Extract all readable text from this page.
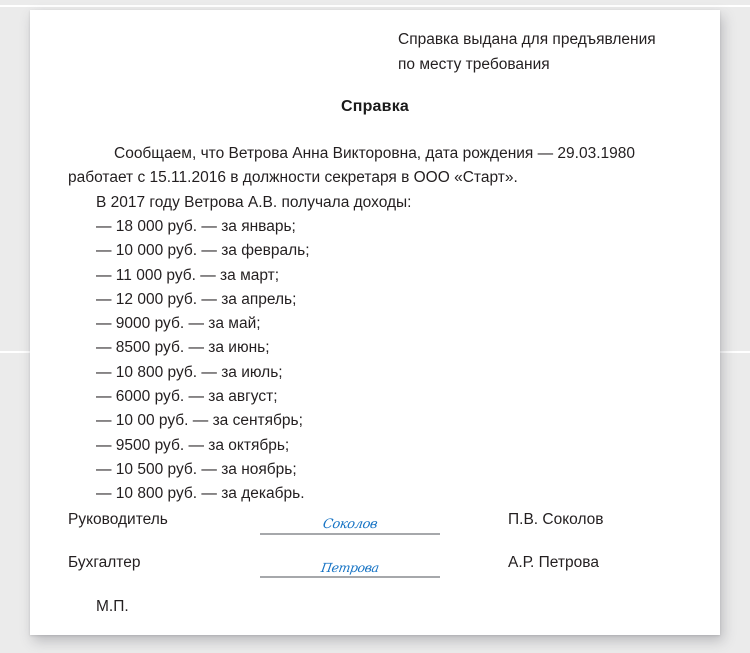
Справка выдана для предъявления
по месту требования
Справка
Сообщаем, что Ветрова Анна Викторовна, дата рождения — 29.03.1980 работает с 15.11.2016 в должности секретаря в ООО «Старт».
В 2017 году Ветрова А.В. получала доходы:
— 18 000 руб. — за январь;
— 10 000 руб. — за февраль;
— 11 000 руб. — за март;
— 12 000 руб. — за апрель;
— 9000 руб. — за май;
— 8500 руб. — за июнь;
— 10 800 руб. — за июль;
— 6000 руб. — за август;
— 10 00 руб. — за сентябрь;
— 9500 руб. — за октябрь;
— 10 500 руб. — за ноябрь;
— 10 800 руб. — за декабрь.
Руководитель	Соколов	П.В. Соколов
Бухгалтер	Петрова	А.Р. Петрова
М.П.
